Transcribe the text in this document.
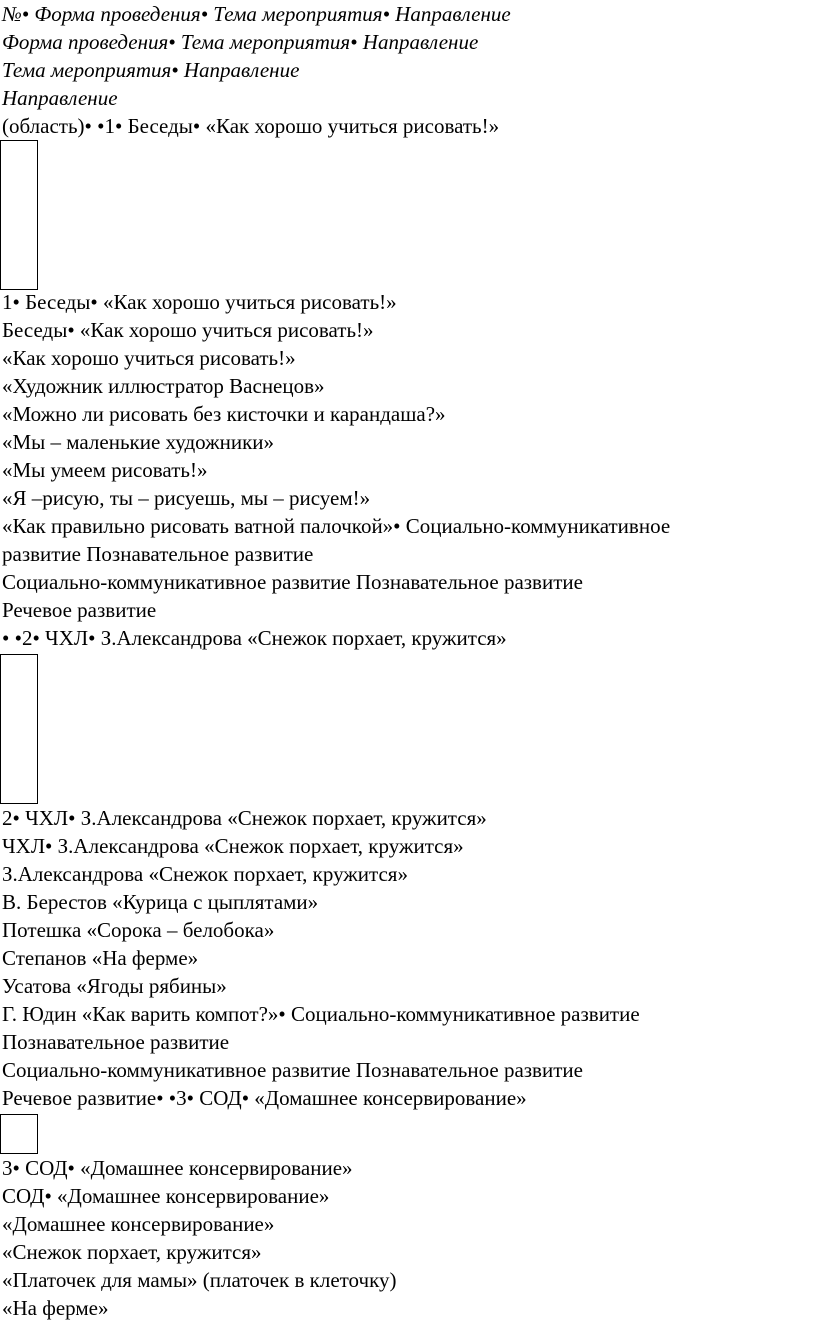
№• Форма проведения• Тема мероприятия• Направление
Форма проведения• Тема мероприятия• Направление
Тема мероприятия• Направление
Направление
(область)• •1• Беседы• «Как хорошо учиться рисовать!»
1• Беседы• «Как хорошо учиться рисовать!»
Беседы• «Как хорошо учиться рисовать!»
«Как хорошо учиться рисовать!»
«Художник иллюстратор Васнецов»
«Можно ли рисовать без кисточки и карандаша?»
«Мы – маленькие художники»
«Мы умеем рисовать!»
«Я –рисую, ты – рисуешь, мы – рисуем!»
«Как правильно рисовать ватной палочкой»• Социально-коммуникативное
развитие Познавательное развитие
Социально-коммуникативное развитие Познавательное развитие
Речевое развитие
• •2• ЧХЛ• З.Александрова «Снежок порхает, кружится»
2• ЧХЛ• З.Александрова «Снежок порхает, кружится»
ЧХЛ• З.Александрова «Снежок порхает, кружится»
З.Александрова «Снежок порхает, кружится»
В. Берестов «Курица с цыплятами»
Потешка «Сорока – белобока»
Степанов «На ферме»
Усатова «Ягоды рябины»
Г. Юдин «Как варить компот?»• Социально-коммуникативное развитие
Познавательное развитие
Социально-коммуникативное развитие Познавательное развитие
Речевое развитие• •3• СОД• «Домашнее консервирование»
3• СОД• «Домашнее консервирование»
СОД• «Домашнее консервирование»
«Домашнее консервирование»
«Снежок порхает, кружится»
«Платочек для мамы» (платочек в клеточку)
«На ферме»
